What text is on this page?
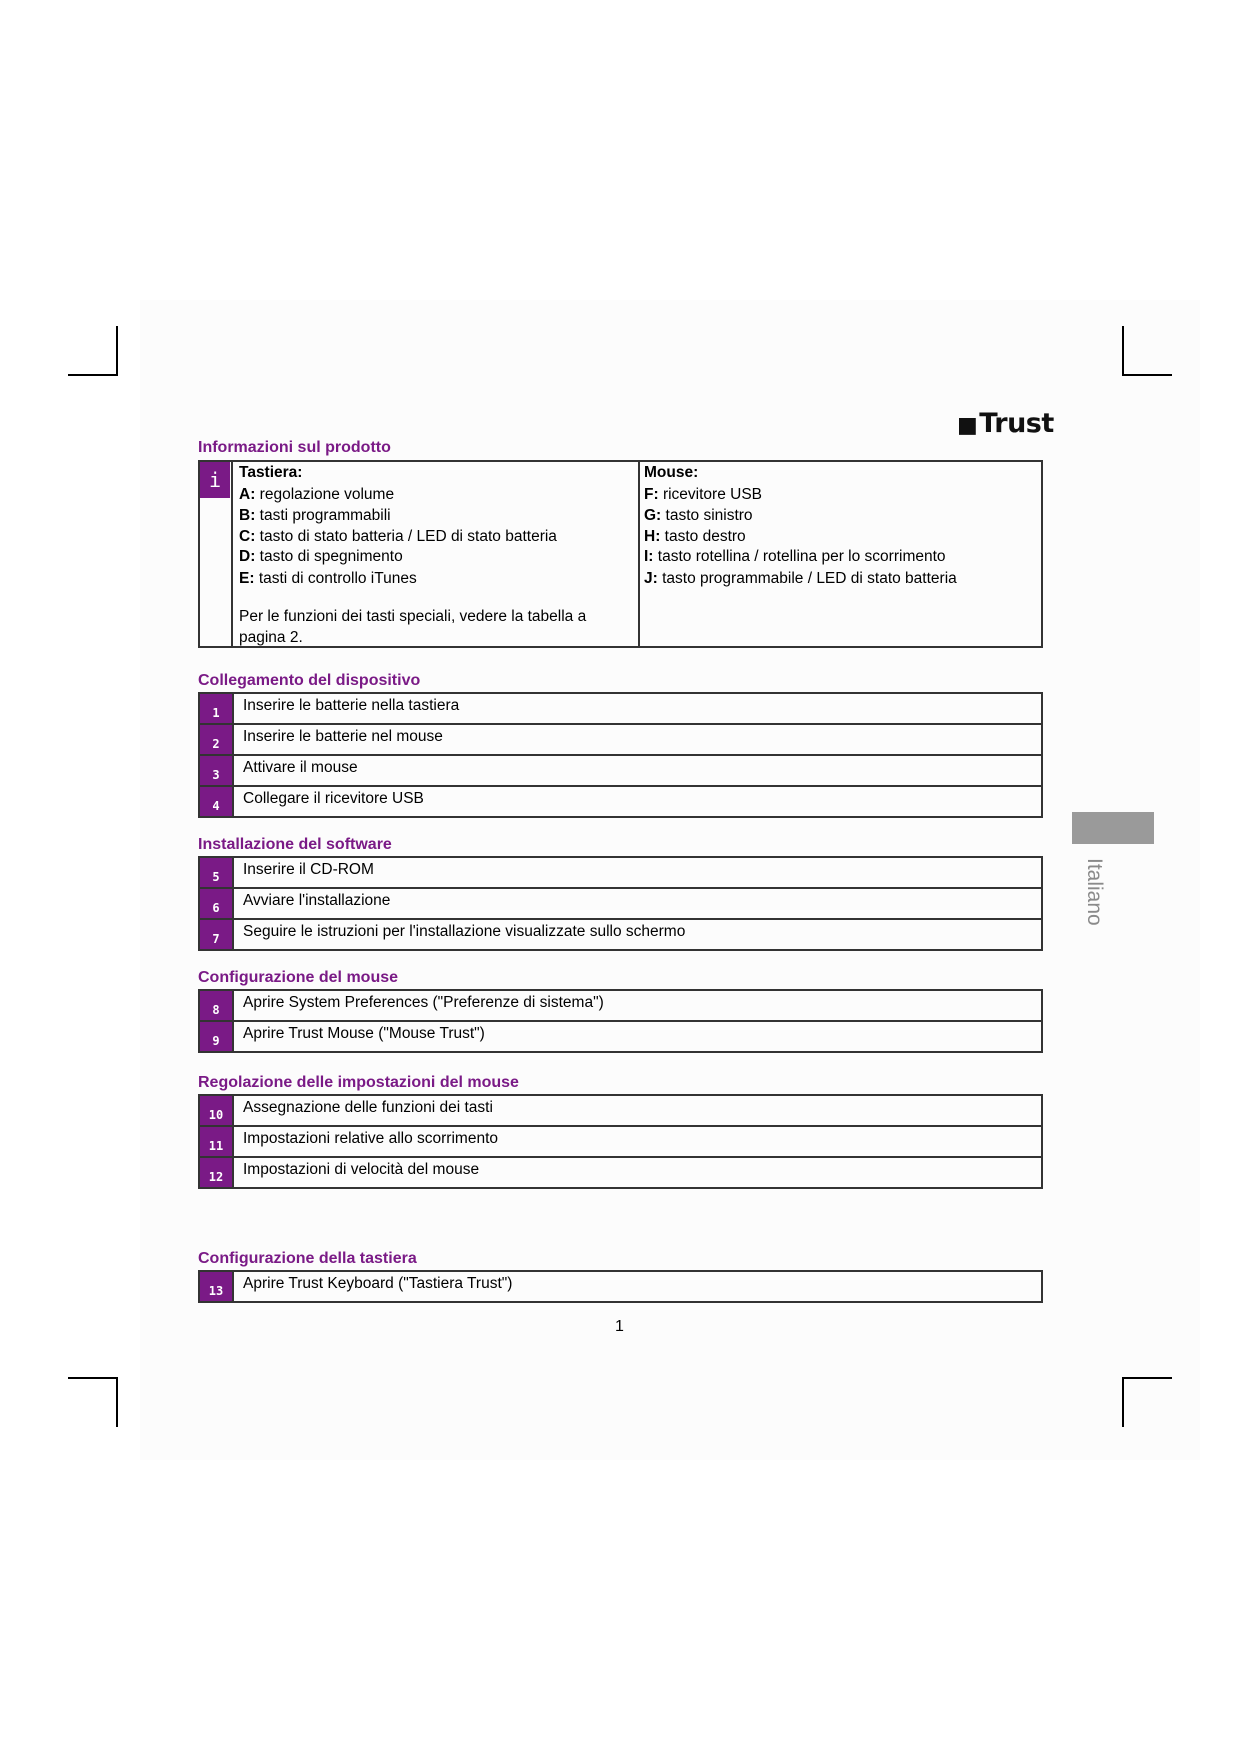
■Trust
Informazioni sul prodotto
i	Tastiera:
A: regolazione volume
B: tasti programmabili
C: tasto di stato batteria / LED di stato batteria
D: tasto di spegnimento
E: tasti di controllo iTunes
Per le funzioni dei tasti speciali, vedere la tabella a
pagina 2.
Mouse:
F: ricevitore USB
G: tasto sinistro
H: tasto destro
I: tasto rotellina / rotellina per lo scorrimento
J: tasto programmabile / LED di stato batteria
Collegamento del dispositivo
1	Inserire le batterie nella tastiera
2	Inserire le batterie nel mouse
3	Attivare il mouse
4	Collegare il ricevitore USB
Installazione del software
5	Inserire il CD-ROM
6	Avviare l'installazione
7	Seguire le istruzioni per l'installazione visualizzate sullo schermo
Configurazione del mouse
8	Aprire System Preferences ("Preferenze di sistema")
9	Aprire Trust Mouse ("Mouse Trust")
Regolazione delle impostazioni del mouse
10	Assegnazione delle funzioni dei tasti
11	Impostazioni relative allo scorrimento
12	Impostazioni di velocità del mouse
Configurazione della tastiera
13	Aprire Trust Keyboard ("Tastiera Trust")
Italiano
1
